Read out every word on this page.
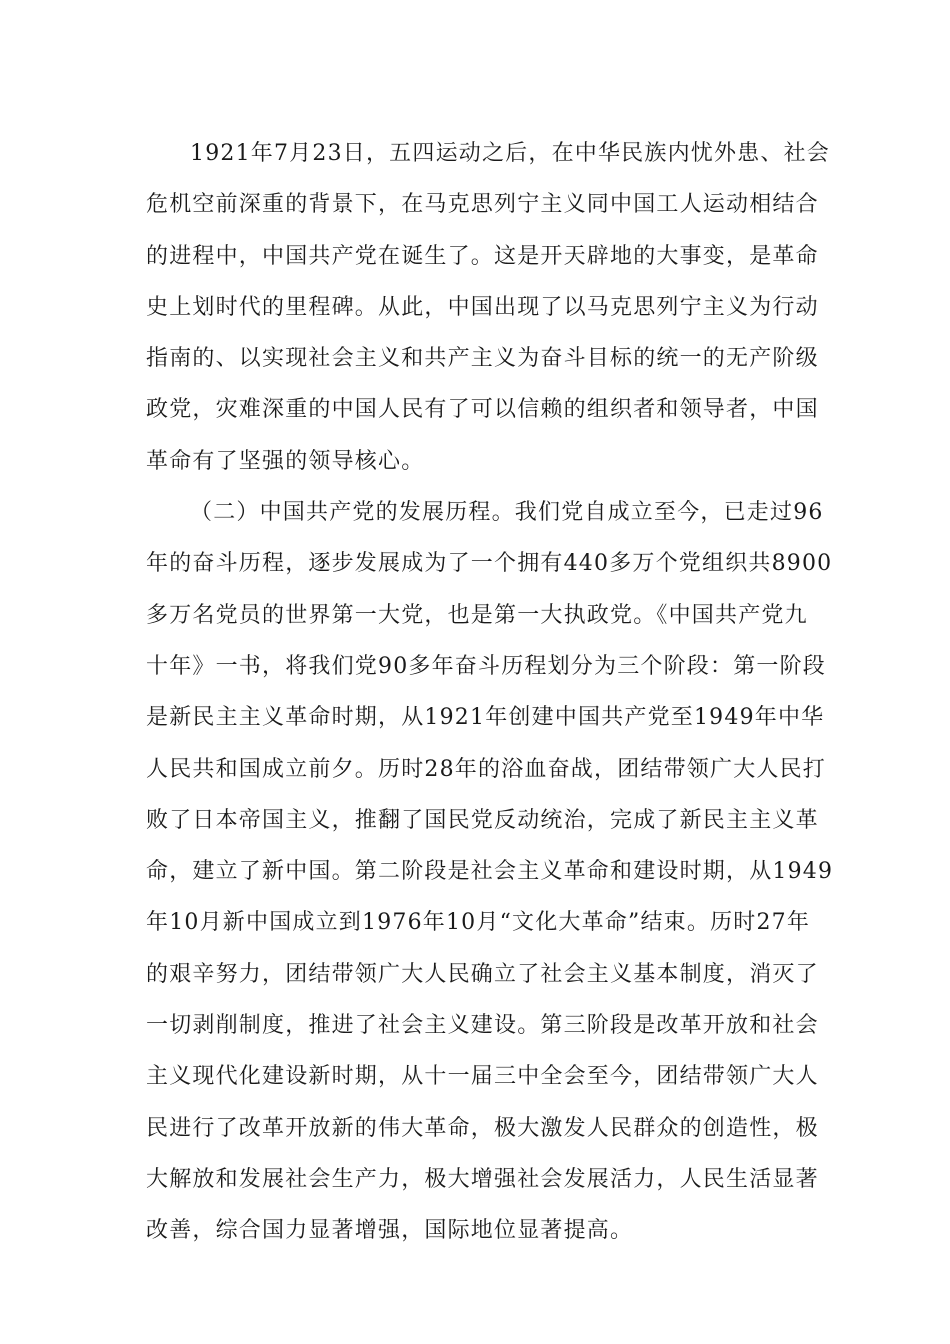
1921年7月23日，五四运动之后，在中华民族内忧外患、社会
危机空前深重的背景下，在马克思列宁主义同中国工人运动相结合
的进程中，中国共产党在诞生了。这是开天辟地的大事变，是革命
史上划时代的里程碑。从此，中国出现了以马克思列宁主义为行动
指南的、以实现社会主义和共产主义为奋斗目标的统一的无产阶级
政党，灾难深重的中国人民有了可以信赖的组织者和领导者，中国
革命有了坚强的领导核心。
（二）中国共产党的发展历程。我们党自成立至今，已走过96
年的奋斗历程，逐步发展成为了一个拥有440多万个党组织共8900
多万名党员的世界第一大党，也是第一大执政党。《中国共产党九
十年》一书，将我们党90多年奋斗历程划分为三个阶段：第一阶段
是新民主主义革命时期，从1921年创建中国共产党至1949年中华
人民共和国成立前夕。历时28年的浴血奋战，团结带领广大人民打
败了日本帝国主义，推翻了国民党反动统治，完成了新民主主义革
命，建立了新中国。第二阶段是社会主义革命和建设时期，从1949
年10月新中国成立到1976年10月“文化大革命”结束。历时27年
的艰辛努力，团结带领广大人民确立了社会主义基本制度，消灭了
一切剥削制度，推进了社会主义建设。第三阶段是改革开放和社会
主义现代化建设新时期，从十一届三中全会至今，团结带领广大人
民进行了改革开放新的伟大革命，极大激发人民群众的创造性，极
大解放和发展社会生产力，极大增强社会发展活力，人民生活显著
改善，综合国力显著增强，国际地位显著提高。
